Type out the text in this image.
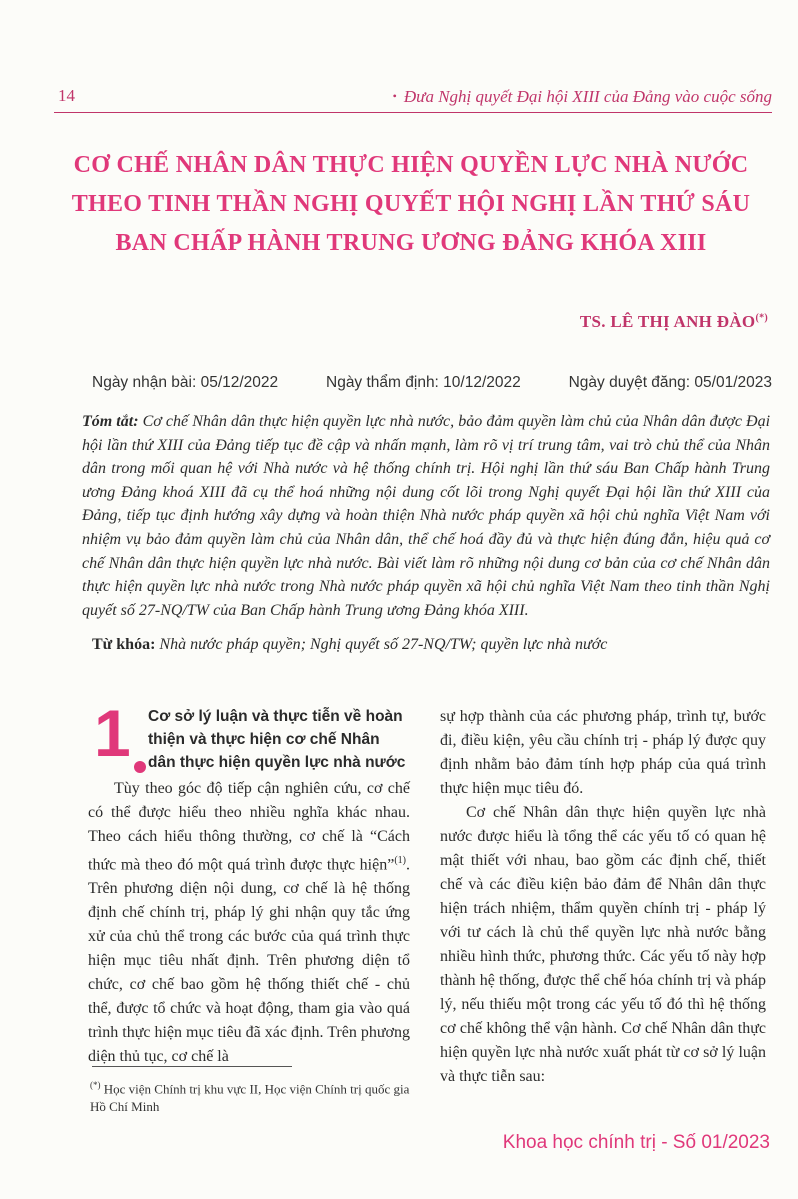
14	• Đưa Nghị quyết Đại hội XIII của Đảng vào cuộc sống
CƠ CHẾ NHÂN DÂN THỰC HIỆN QUYỀN LỰC NHÀ NƯỚC
THEO TINH THẦN NGHỊ QUYẾT HỘI NGHỊ LẦN THỨ SÁU
BAN CHẤP HÀNH TRUNG ƯƠNG ĐẢNG KHÓA XIII
TS. LÊ THỊ ANH ĐÀO(*)
Ngày nhận bài: 05/12/2022	Ngày thẩm định: 10/12/2022	Ngày duyệt đăng: 05/01/2023
Tóm tắt: Cơ chế Nhân dân thực hiện quyền lực nhà nước, bảo đảm quyền làm chủ của Nhân dân được Đại hội lần thứ XIII của Đảng tiếp tục đề cập và nhấn mạnh, làm rõ vị trí trung tâm, vai trò chủ thể của Nhân dân trong mối quan hệ với Nhà nước và hệ thống chính trị. Hội nghị lần thứ sáu Ban Chấp hành Trung ương Đảng khoá XIII đã cụ thể hoá những nội dung cốt lõi trong Nghị quyết Đại hội lần thứ XIII của Đảng, tiếp tục định hướng xây dựng và hoàn thiện Nhà nước pháp quyền xã hội chủ nghĩa Việt Nam với nhiệm vụ bảo đảm quyền làm chủ của Nhân dân, thể chế hoá đầy đủ và thực hiện đúng đắn, hiệu quả cơ chế Nhân dân thực hiện quyền lực nhà nước. Bài viết làm rõ những nội dung cơ bản của cơ chế Nhân dân thực hiện quyền lực nhà nước trong Nhà nước pháp quyền xã hội chủ nghĩa Việt Nam theo tinh thần Nghị quyết số 27-NQ/TW của Ban Chấp hành Trung ương Đảng khóa XIII.
Từ khóa: Nhà nước pháp quyền; Nghị quyết số 27-NQ/TW; quyền lực nhà nước
1 Cơ sở lý luận và thực tiễn về hoàn thiện và thực hiện cơ chế Nhân dân thực hiện quyền lực nhà nước

Tùy theo góc độ tiếp cận nghiên cứu, cơ chế có thể được hiểu theo nhiều nghĩa khác nhau. Theo cách hiểu thông thường, cơ chế là “Cách thức mà theo đó một quá trình được thực hiện”$^{(1)}$. Trên phương diện nội dung, cơ chế là hệ thống định chế chính trị, pháp lý ghi nhận quy tắc ứng xử của chủ thể trong các bước của quá trình thực hiện mục tiêu nhất định. Trên phương diện tổ chức, cơ chế bao gồm hệ thống thiết chế - chủ thể, được tổ chức và hoạt động, tham gia vào quá trình thực hiện mục tiêu đã xác định. Trên phương diện thủ tục, cơ chế là

sự hợp thành của các phương pháp, trình tự, bước đi, điều kiện, yêu cầu chính trị - pháp lý được quy định nhằm bảo đảm tính hợp pháp của quá trình thực hiện mục tiêu đó.

Cơ chế Nhân dân thực hiện quyền lực nhà nước được hiểu là tổng thể các yếu tố có quan hệ mật thiết với nhau, bao gồm các định chế, thiết chế và các điều kiện bảo đảm để Nhân dân thực hiện trách nhiệm, thẩm quyền chính trị - pháp lý với tư cách là chủ thể quyền lực nhà nước bằng nhiều hình thức, phương thức. Các yếu tố này hợp thành hệ thống, được thể chế hóa chính trị và pháp lý, nếu thiếu một trong các yếu tố đó thì hệ thống cơ chế không thể vận hành. Cơ chế Nhân dân thực hiện quyền lực nhà nước xuất phát từ cơ sở lý luận và thực tiễn sau:

(*) Học viện Chính trị khu vực II, Học viện Chính trị quốc gia Hồ Chí Minh
Khoa học chính trị - Số 01/2023
